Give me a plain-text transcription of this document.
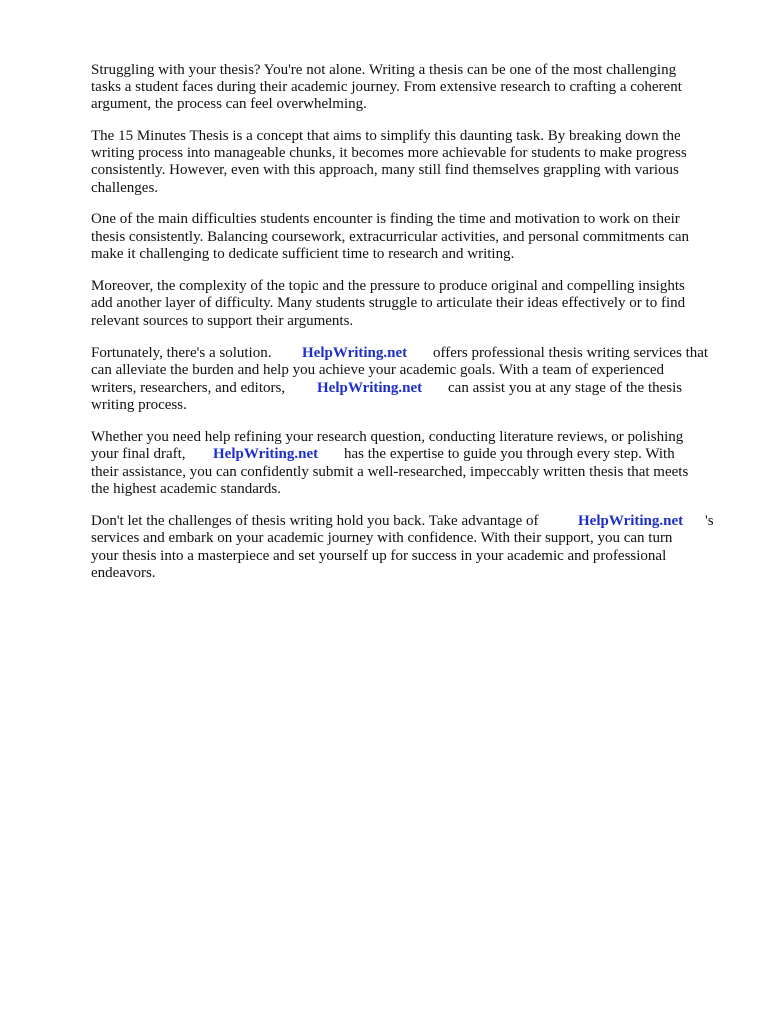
Struggling with your thesis? You're not alone. Writing a thesis can be one of the most challenging

tasks a student faces during their academic journey. From extensive research to crafting a coherent

argument, the process can feel overwhelming.

The 15 Minutes Thesis is a concept that aims to simplify this daunting task. By breaking down the

writing process into manageable chunks, it becomes more achievable for students to make progress

consistently. However, even with this approach, many still find themselves grappling with various

challenges.

One of the main difficulties students encounter is finding the time and motivation to work on their

thesis consistently. Balancing coursework, extracurricular activities, and personal commitments can

make it challenging to dedicate sufficient time to research and writing.

Moreover, the complexity of the topic and the pressure to produce original and compelling insights

add another layer of difficulty. Many students struggle to articulate their ideas effectively or to find

relevant sources to support their arguments.

Fortunately, there's a solution. HelpWriting.net offers professional thesis writing services that

can alleviate the burden and help you achieve your academic goals. With a team of experienced

writers, researchers, and editors, HelpWriting.net can assist you at any stage of the thesis

writing process.

Whether you need help refining your research question, conducting literature reviews, or polishing

your final draft, HelpWriting.net has the expertise to guide you through every step. With

their assistance, you can confidently submit a well-researched, impeccably written thesis that meets

the highest academic standards.

Don't let the challenges of thesis writing hold you back. Take advantage of	HelpWriting.net 's

services and embark on your academic journey with confidence. With their support, you can turn

your thesis into a masterpiece and set yourself up for success in your academic and professional

endeavors.
